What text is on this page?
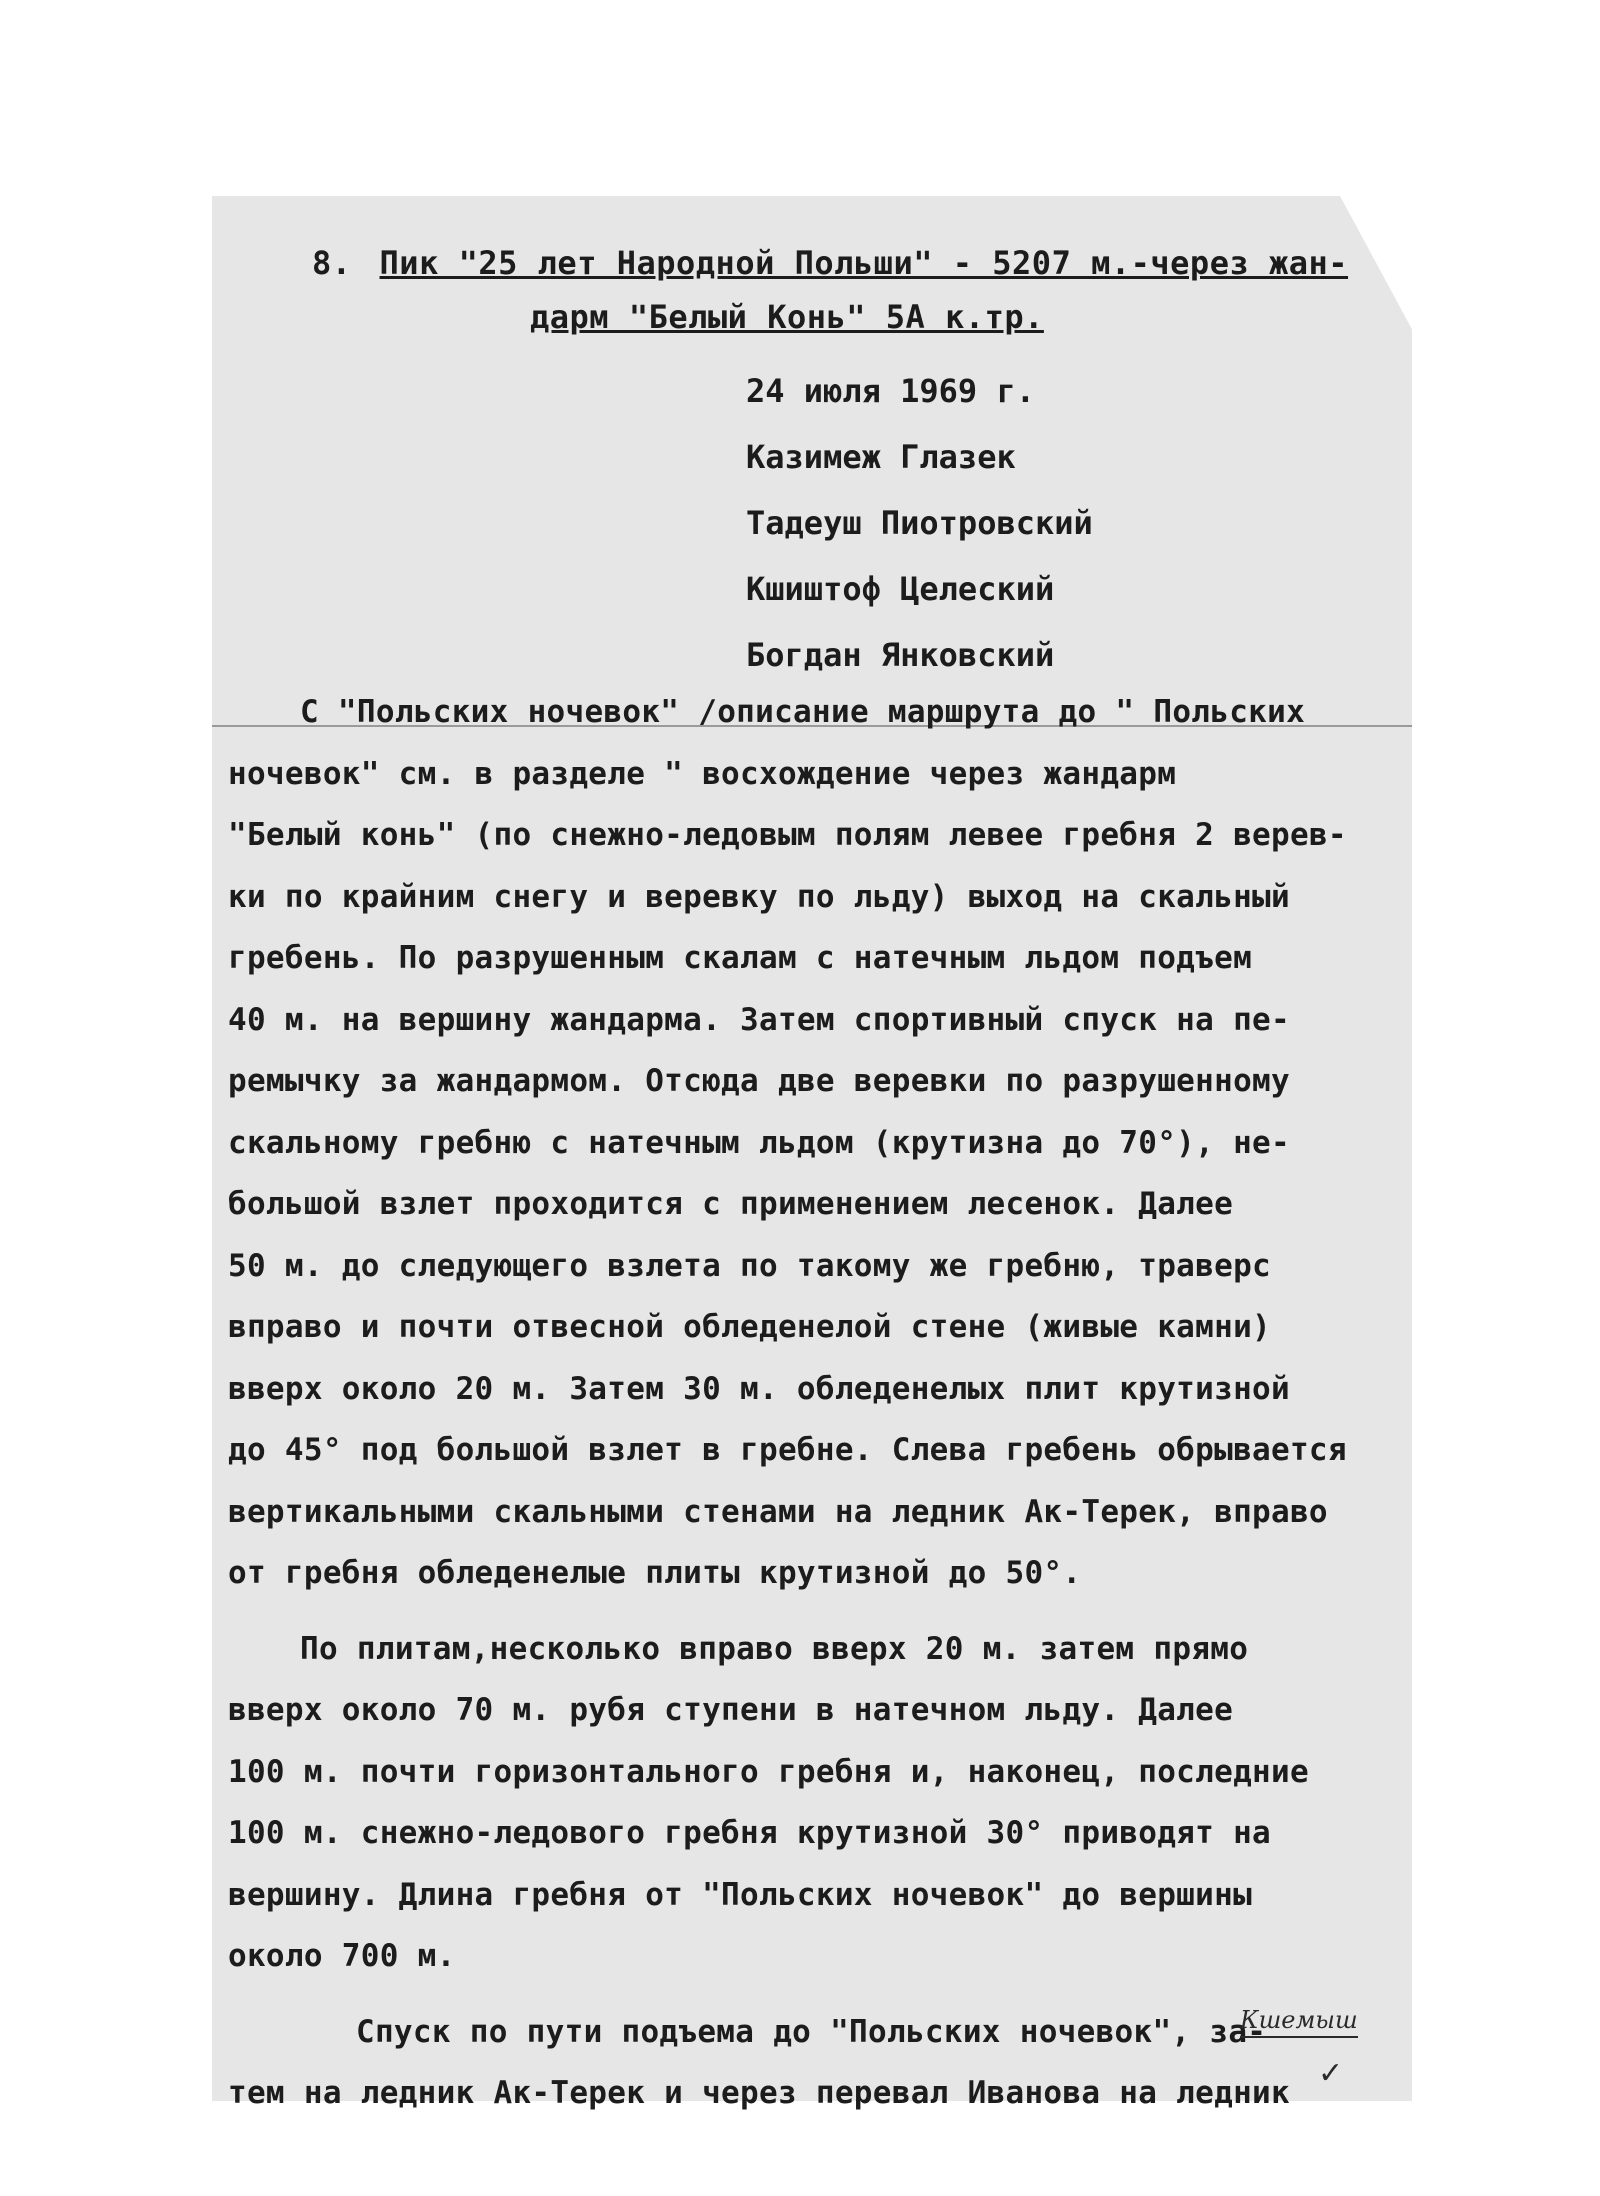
8. Пик "25 лет Народной Польши" - 5207 м.-через жан-
дарм "Белый Конь" 5А к.тр.
24 июля 1969 г.
Казимеж Глазек
Тадеуш Пиотровский
Кшиштоф Целеский
Богдан Янковский
С "Польских ночевок" /описание маршрута до " Польских
ночевок" см. в разделе " восхождение через жандарм
"Белый конь" (по снежно-ледовым полям левее гребня 2 верев-
ки по крайним снегу и веревку по льду) выход на скальный
гребень. По разрушенным скалам с натечным льдом подъем
40 м. на вершину жандарма. Затем спортивный спуск на пе-
ремычку за жандармом. Отсюда две веревки по разрушенному
скальному гребню с натечным льдом (крутизна до 70°), не-
большой взлет проходится с применением лесенок. Далее
50 м. до следующего взлета по такому же гребню, траверс
вправо и почти отвесной обледенелой стене (живые камни)
вверх около 20 м. Затем 30 м. обледенелых плит крутизной
до 45° под большой взлет в гребне. Слева гребень обрывается
вертикальными скальными стенами на ледник Ак-Терек, вправо
от гребня обледенелые плиты крутизной до 50°.
По плитам,несколько вправо вверх 20 м. затем прямо
вверх около 70 м. рубя ступени в натечном льду. Далее
100 м. почти горизонтального гребня и, наконец, последние
100 м. снежно-ледового гребня крутизной 30° приводят на
вершину. Длина гребня от "Польских ночевок" до вершины
около 700 м.
Спуск по пути подъема до "Польских ночевок", за-
тем на ледник Ак-Терек и через перевал Иванова на ледник
Кшемыш
✓
